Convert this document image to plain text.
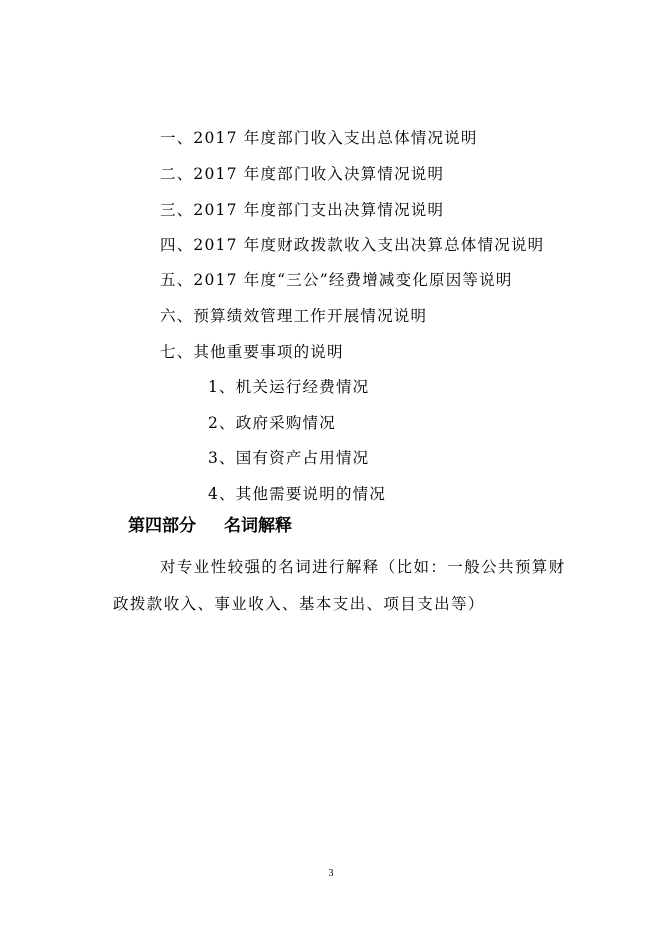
一、2017 年度部门收入支出总体情况说明
二、2017 年度部门收入决算情况说明
三、2017 年度部门支出决算情况说明
四、2017 年度财政拨款收入支出决算总体情况说明
五、2017 年度“三公”经费增减变化原因等说明
六、预算绩效管理工作开展情况说明
七、其他重要事项的说明
1、机关运行经费情况
2、政府采购情况
3、国有资产占用情况
4、其他需要说明的情况
第四部分 名词解释
对专业性较强的名词进行解释（比如：一般公共预算财
政拨款收入、事业收入、基本支出、项目支出等）
3
